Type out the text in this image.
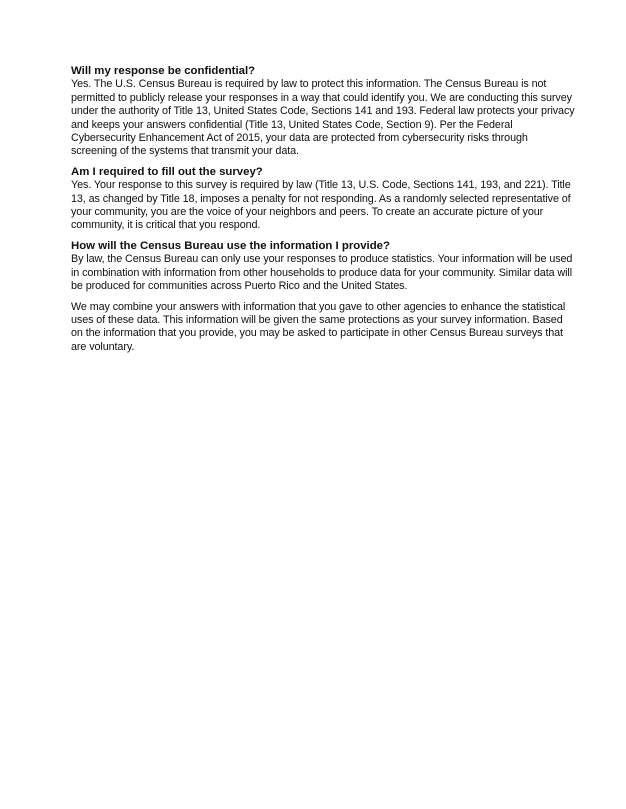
Will my response be confidential?

Yes. The U.S. Census Bureau is required by law to protect this information. The Census Bureau is not permitted to publicly release your responses in a way that could identify you. We are conducting this survey under the authority of Title 13, United States Code, Sections 141 and 193. Federal law protects your privacy and keeps your answers confidential (Title 13, United States Code, Section 9). Per the Federal Cybersecurity Enhancement Act of 2015, your data are protected from cybersecurity risks through screening of the systems that transmit your data.

Am I required to fill out the survey?

Yes. Your response to this survey is required by law (Title 13, U.S. Code, Sections 141, 193, and 221). Title 13, as changed by Title 18, imposes a penalty for not responding. As a randomly selected representative of your community, you are the voice of your neighbors and peers. To create an accurate picture of your community, it is critical that you respond.

How will the Census Bureau use the information I provide?

By law, the Census Bureau can only use your responses to produce statistics. Your information will be used in combination with information from other households to produce data for your community. Similar data will be produced for communities across Puerto Rico and the United States.

We may combine your answers with information that you gave to other agencies to enhance the statistical uses of these data. This information will be given the same protections as your survey information. Based on the information that you provide, you may be asked to participate in other Census Bureau surveys that are voluntary.
